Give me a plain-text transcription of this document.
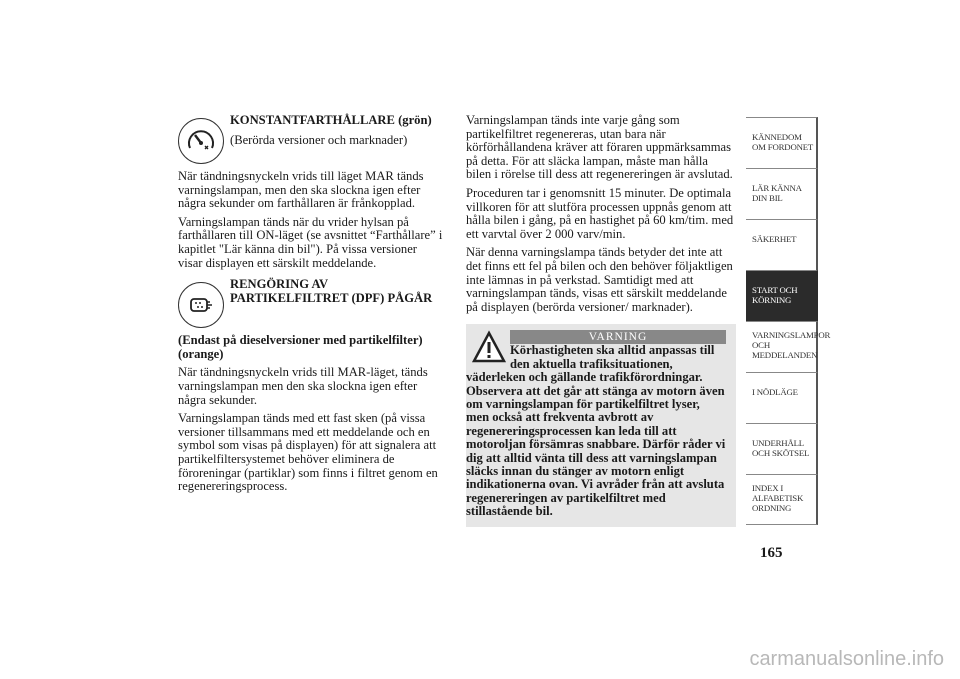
KONSTANTFARTHÅLLARE (grön)

(Berörda versioner och marknader)

När tändningsnyckeln vrids till läget MAR tänds varningslampan, men den ska slockna igen efter några sekunder om farthållaren är frånkopplad.

Varningslampan tänds när du vrider hylsan på farthållaren till ON-läget (se avsnittet “Farthållare” i kapitlet "Lär känna din bil"). På vissa versioner visar displayen ett särskilt meddelande.

RENGÖRING AV PARTIKELFILTRET (DPF) PÅGÅR

(Endast på dieselversioner med partikelfilter) (orange)

När tändningsnyckeln vrids till MAR-läget, tänds varningslampan men den ska slockna igen efter några sekunder.

Varningslampan tänds med ett fast sken (på vissa versioner tillsammans med ett meddelande och en symbol som visas på displayen) för att signalera att partikelfiltersystemet behöver eliminera de föroreningar (partiklar) som finns i filtret genom en regenereringsprocess.

Varningslampan tänds inte varje gång som partikelfiltret regenereras, utan bara när körförhållandena kräver att föraren uppmärksammas på detta. För att släcka lampan, måste man hålla bilen i rörelse till dess att regenereringen är avslutad.

Proceduren tar i genomsnitt 15 minuter. De optimala villkoren för att slutföra processen uppnås genom att hålla bilen i gång, på en hastighet på 60 km/tim. med ett varvtal över 2 000 varv/min.

När denna varningslampa tänds betyder det inte att det finns ett fel på bilen och den behöver följaktligen inte lämnas in på verkstad. Samtidigt med att varningslampan tänds, visas ett särskilt meddelande på displayen (berörda versioner/ marknader).

VARNING
Körhastigheten ska alltid anpassas till den aktuella trafiksituationen,
väderleken och gällande trafikförordningar. Observera att det går att stänga av motorn även om varningslampan för partikelfiltret lyser, men också att frekventa avbrott av regenereringsprocessen kan leda till att motoroljan försämras snabbare. Därför råder vi dig att alltid vänta till dess att varningslampan släcks innan du stänger av motorn enligt indikationerna ovan. Vi avråder från att avsluta regenereringen av partikelfiltret med stillastående bil.
KÄNNEDOM OM FORDONET
LÄR KÄNNA DIN BIL
SÄKERHET
START OCH KÖRNING
VARNINGSLAMPOR OCH MEDDELANDEN
I NÖDLÄGE
UNDERHÅLL OCH SKÖTSEL
INDEX I ALFABETISK ORDNING
165
carmanualsonline.info
